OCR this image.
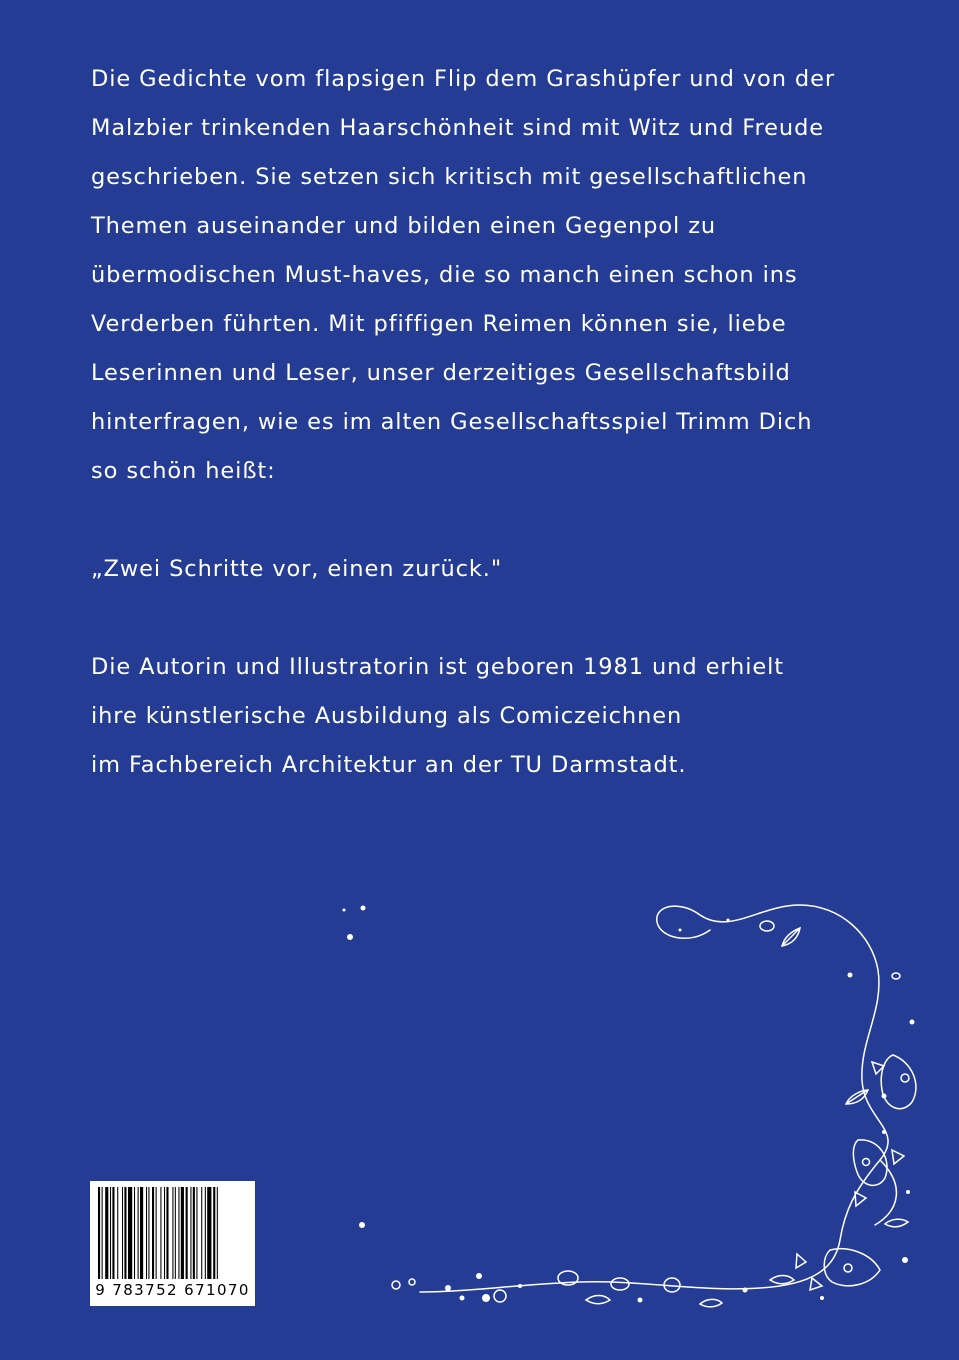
Die Gedichte vom flapsigen Flip dem Grashüpfer und von der
Malzbier trinkenden Haarschönheit sind mit Witz und Freude
geschrieben. Sie setzen sich kritisch mit gesellschaftlichen
Themen auseinander und bilden einen Gegenpol zu
übermodischen Must-haves, die so manch einen schon ins
Verderben führten. Mit pfiffigen Reimen können sie, liebe
Leserinnen und Leser, unser derzeitiges Gesellschaftsbild
hinterfragen, wie es im alten Gesellschaftsspiel Trimm Dich
so schön heißt:
„Zwei Schritte vor, einen zurück."
Die Autorin und Illustratorin ist geboren 1981 und erhielt
ihre künstlerische Ausbildung als Comiczeichnen
im Fachbereich Architektur an der TU Darmstadt.
9 783752 671070
